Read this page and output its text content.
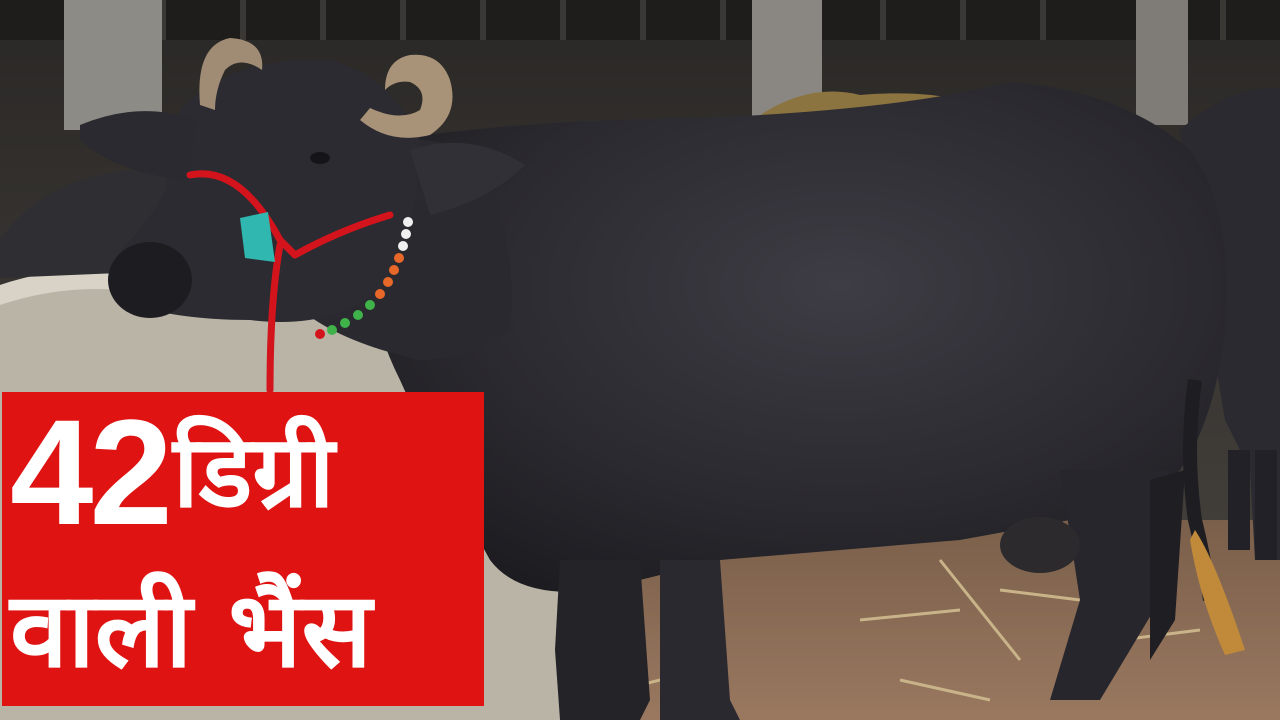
42 डिग्री
वाली भैंस
